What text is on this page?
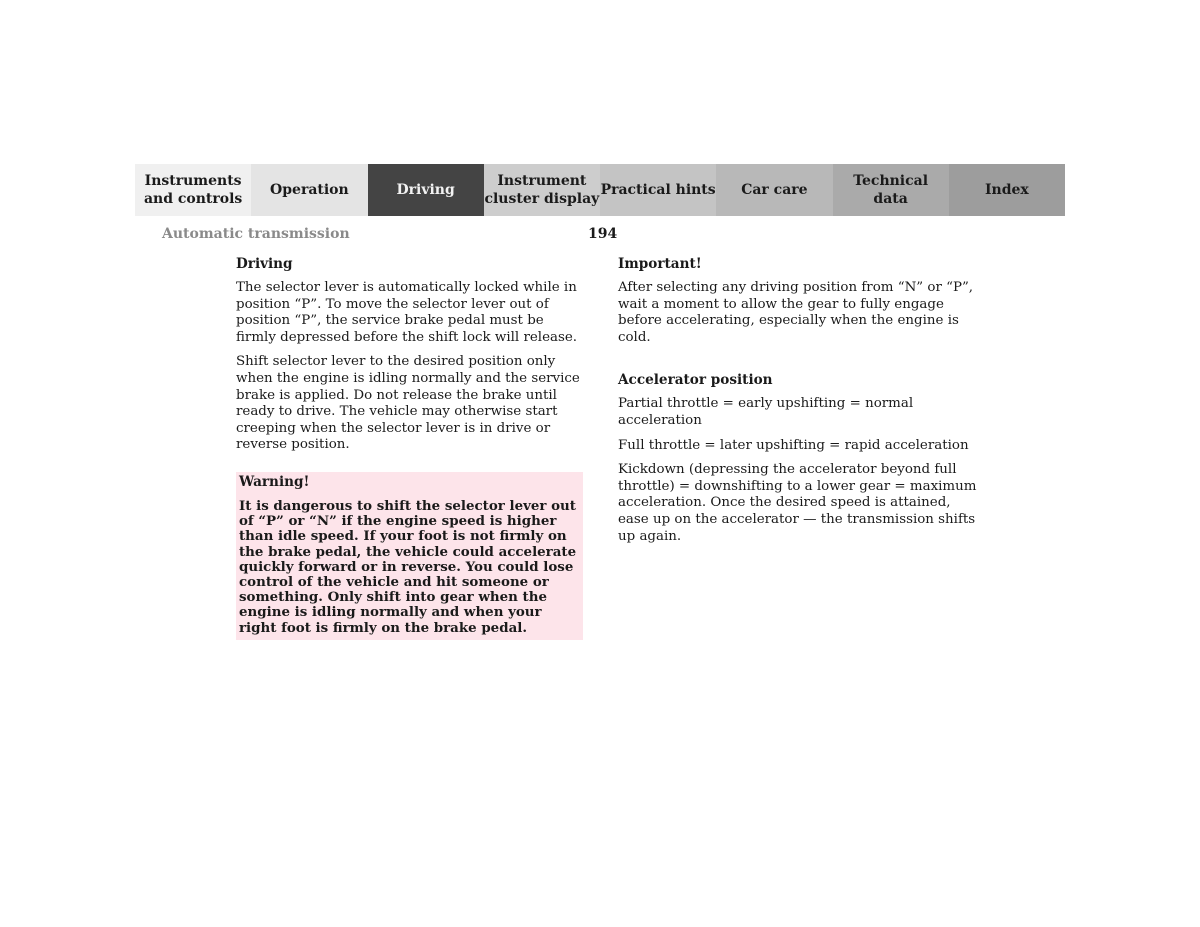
Instruments
and controls
Operation	Driving
Instrument
cluster display
Practical hints	Car care
Technical
data
Index
Automatic transmission	194
Driving

The selector lever is automatically locked while in position “P”. To move the selector lever out of position “P”, the service brake pedal must be firmly depressed before the shift lock will release.

Shift selector lever to the desired position only when the engine is idling normally and the service brake is applied. Do not release the brake until ready to drive. The vehicle may otherwise start creeping when the selector lever is in drive or reverse position.

Warning!

It is dangerous to shift the selector lever out of “P” or “N” if the engine speed is higher than idle speed. If your foot is not firmly on the brake pedal, the vehicle could accelerate quickly forward or in reverse. You could lose control of the vehicle and hit someone or something. Only shift into gear when the engine is idling normally and when your right foot is firmly on the brake pedal.

Important!

After selecting any driving position from “N” or “P”, wait a moment to allow the gear to fully engage before accelerating, especially when the engine is cold.

Accelerator position

Partial throttle = early upshifting = normal acceleration

Full throttle = later upshifting = rapid acceleration

Kickdown (depressing the accelerator beyond full throttle) = downshifting to a lower gear = maximum acceleration. Once the desired speed is attained, ease up on the accelerator — the transmission shifts up again.
